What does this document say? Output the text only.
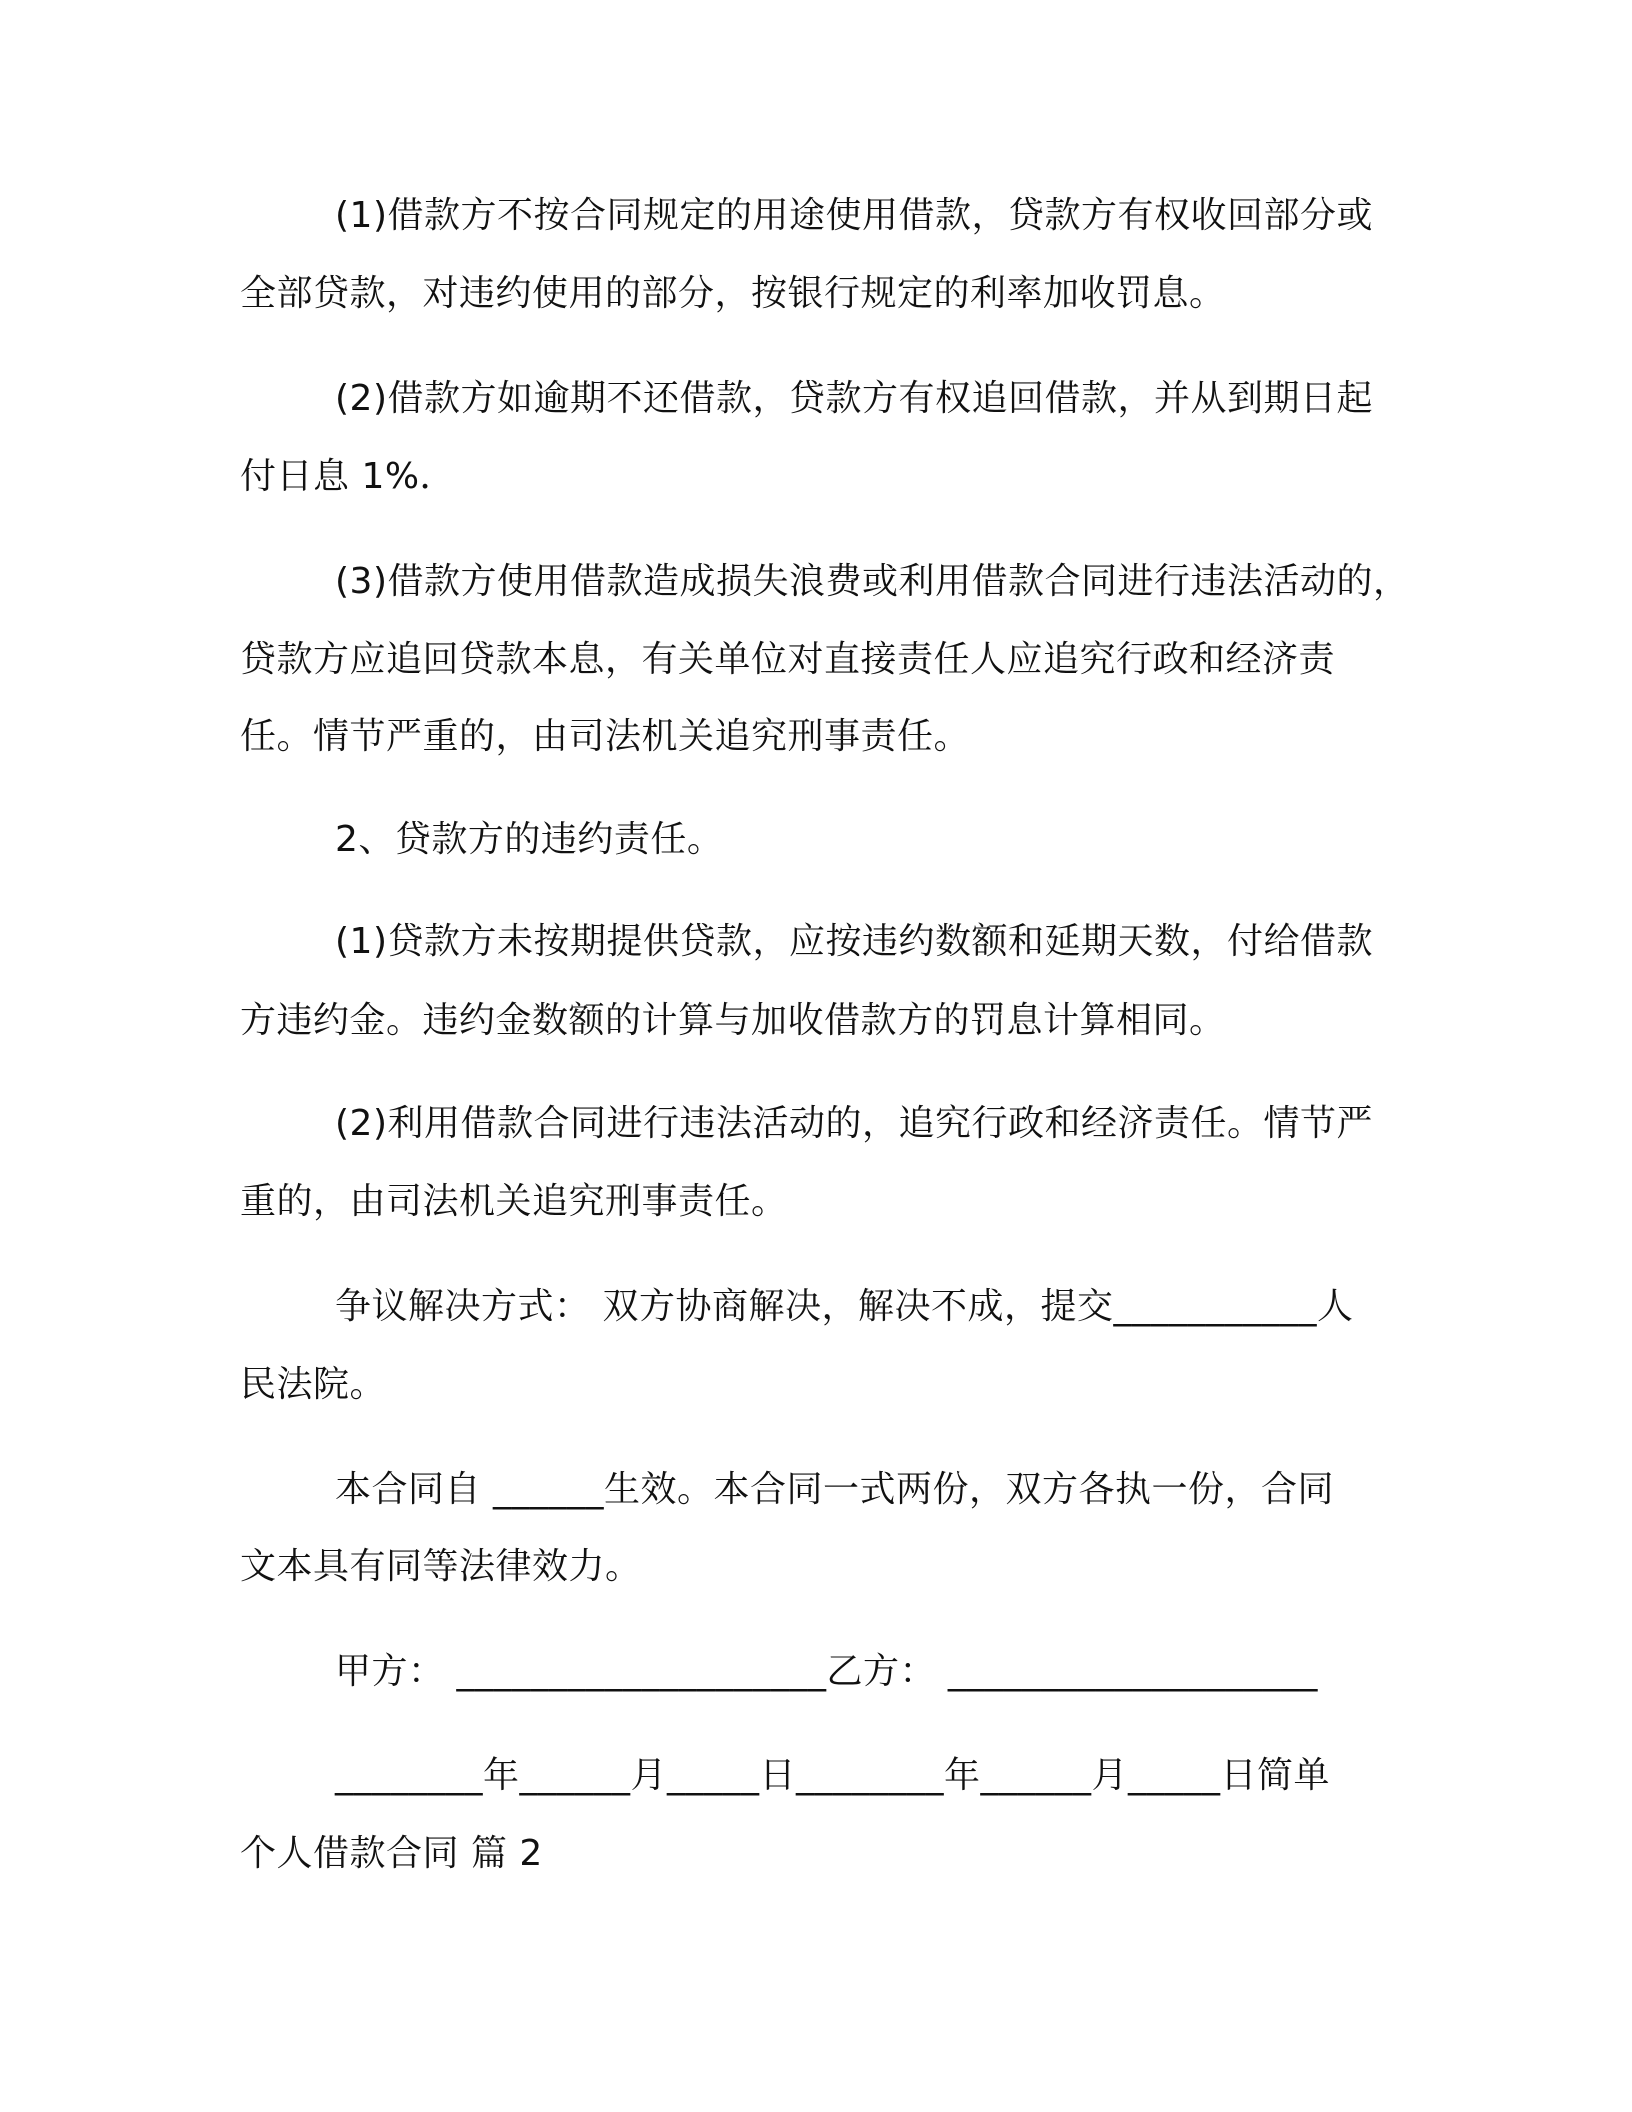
(1)借款方不按合同规定的用途使用借款，贷款方有权收回部分或
全部贷款，对违约使用的部分，按银行规定的利率加收罚息。
(2)借款方如逾期不还借款，贷款方有权追回借款，并从到期日起
付日息 1%．
(3)借款方使用借款造成损失浪费或利用借款合同进行违法活动的，
贷款方应追回贷款本息，有关单位对直接责任人应追究行政和经济责
任。情节严重的，由司法机关追究刑事责任。
2、贷款方的违约责任。
(1)贷款方未按期提供贷款，应按违约数额和延期天数，付给借款
方违约金。违约金数额的计算与加收借款方的罚息计算相同。
(2)利用借款合同进行违法活动的，追究行政和经济责任。情节严
重的，由司法机关追究刑事责任。
争议解决方式： 双方协商解决，解决不成，提交___________人
民法院。
本合同自 ______生效。本合同一式两份，双方各执一份，合同
文本具有同等法律效力。
甲方： ____________________乙方： ____________________
________年______月_____日________年______月_____日简单
个人借款合同 篇 2
